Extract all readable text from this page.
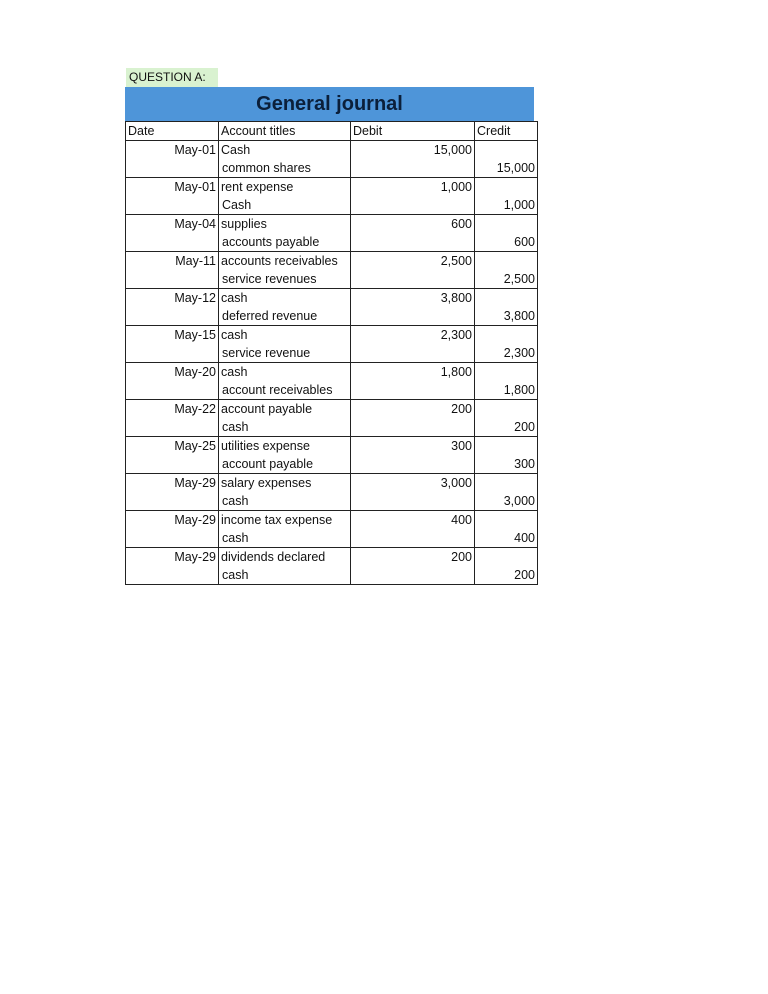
QUESTION A:
General journal
Date	Account titles	Debit	Credit
May-01	Cash	15,000	
	common shares		15,000
May-01	rent expense	1,000	
	Cash		1,000
May-04	supplies	600	
	accounts payable		600
May-11	accounts receivables	2,500	
	service revenues		2,500
May-12	cash	3,800	
	deferred revenue		3,800
May-15	cash	2,300	
	service revenue		2,300
May-20	cash	1,800	
	account receivables		1,800
May-22	account payable	200	
	cash		200
May-25	utilities expense	300	
	account payable		300
May-29	salary expenses	3,000	
	cash		3,000
May-29	income tax expense	400	
	cash		400
May-29	dividends declared	200	
	cash		200
